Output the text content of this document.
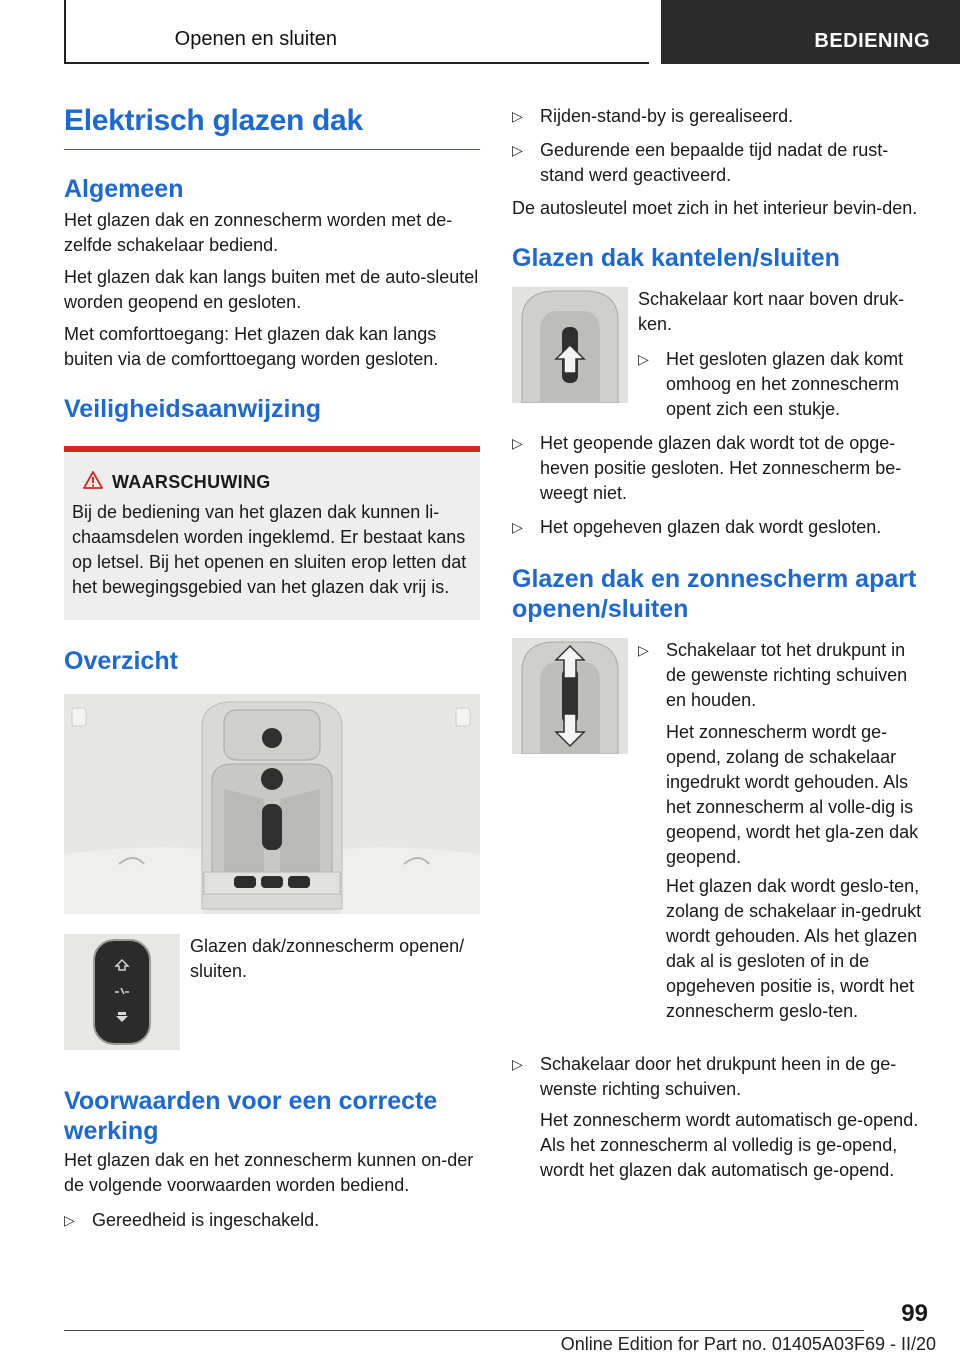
Openen en sluiten	BEDIENING
Elektrisch glazen dak
Algemeen

Het glazen dak en zonnescherm worden met de-zelfde schakelaar bediend.

Het glazen dak kan langs buiten met de auto-sleutel worden geopend en gesloten.

Met comforttoegang: Het glazen dak kan langs buiten via de comforttoegang worden gesloten.

Veiligheidsaanwijzing
WAARSCHUWING

Bij de bediening van het glazen dak kunnen li-chaamsdelen worden ingeklemd. Er bestaat kans op letsel. Bij het openen en sluiten erop letten dat het bewegingsgebied van het glazen dak vrij is.

Overzicht

Glazen dak/zonnescherm openen/ sluiten.

Voorwaarden voor een correcte werking

Het glazen dak en het zonnescherm kunnen on-der de volgende voorwaarden worden bediend.

▷ Gereedheid is ingeschakeld.
▷ Rijden-stand-by is gerealiseerd.
▷ Gedurende een bepaalde tijd nadat de rust-stand werd geactiveerd.

De autosleutel moet zich in het interieur bevin-den.

Glazen dak kantelen/sluiten

Schakelaar kort naar boven druk-ken.

▷ Het gesloten glazen dak komt omhoog en het zonnescherm opent zich een stukje.
▷ Het geopende glazen dak wordt tot de opge-heven positie gesloten. Het zonnescherm be-weegt niet.
▷ Het opgeheven glazen dak wordt gesloten.
Glazen dak en zonnescherm apart openen/sluiten
▷ Schakelaar tot het drukpunt in de gewenste richting schuiven en houden.

Het zonnescherm wordt ge-opend, zolang de schakelaar ingedrukt wordt gehouden. Als het zonnescherm al volle-dig is geopend, wordt het gla-zen dak geopend.

Het glazen dak wordt geslo-ten, zolang de schakelaar in-gedrukt wordt gehouden. Als het glazen dak al is gesloten of in de opgeheven positie is, wordt het zonnescherm geslo-ten.

▷ Schakelaar door het drukpunt heen in de ge-wenste richting schuiven.

Het zonnescherm wordt automatisch ge-opend. Als het zonnescherm al volledig is ge-opend, wordt het glazen dak automatisch ge-opend.

99
Online Edition for Part no. 01405A03F69 - II/20
